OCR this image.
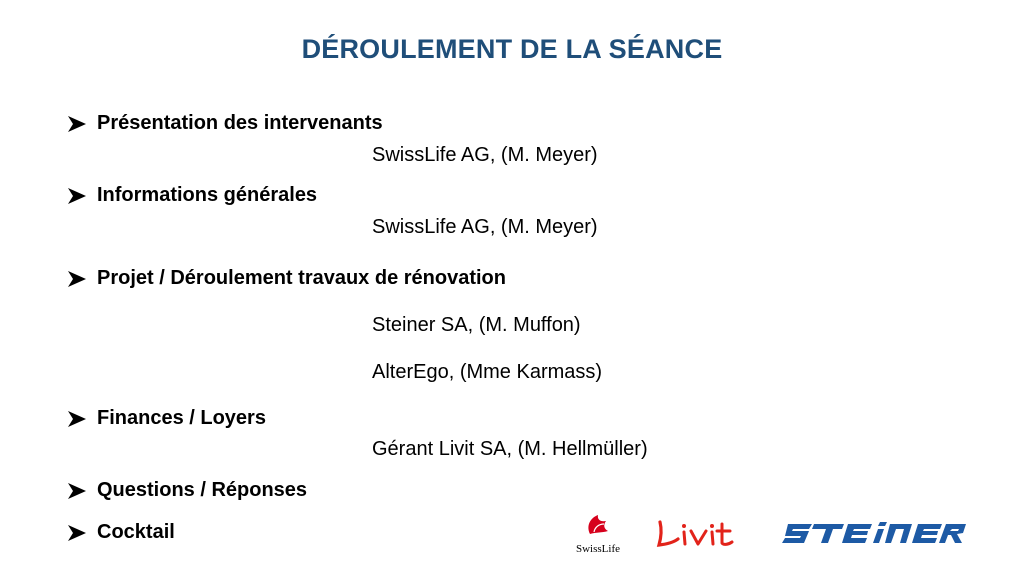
DÉROULEMENT DE LA SÉANCE
Présentation des intervenants
SwissLife AG, (M. Meyer)
Informations générales
SwissLife AG, (M. Meyer)
Projet / Déroulement travaux de rénovation
Steiner SA, (M. Muffon)
AlterEgo, (Mme Karmass)
Finances / Loyers
Gérant Livit SA, (M. Hellmüller)
Questions / Réponses
Cocktail
SwissLife
